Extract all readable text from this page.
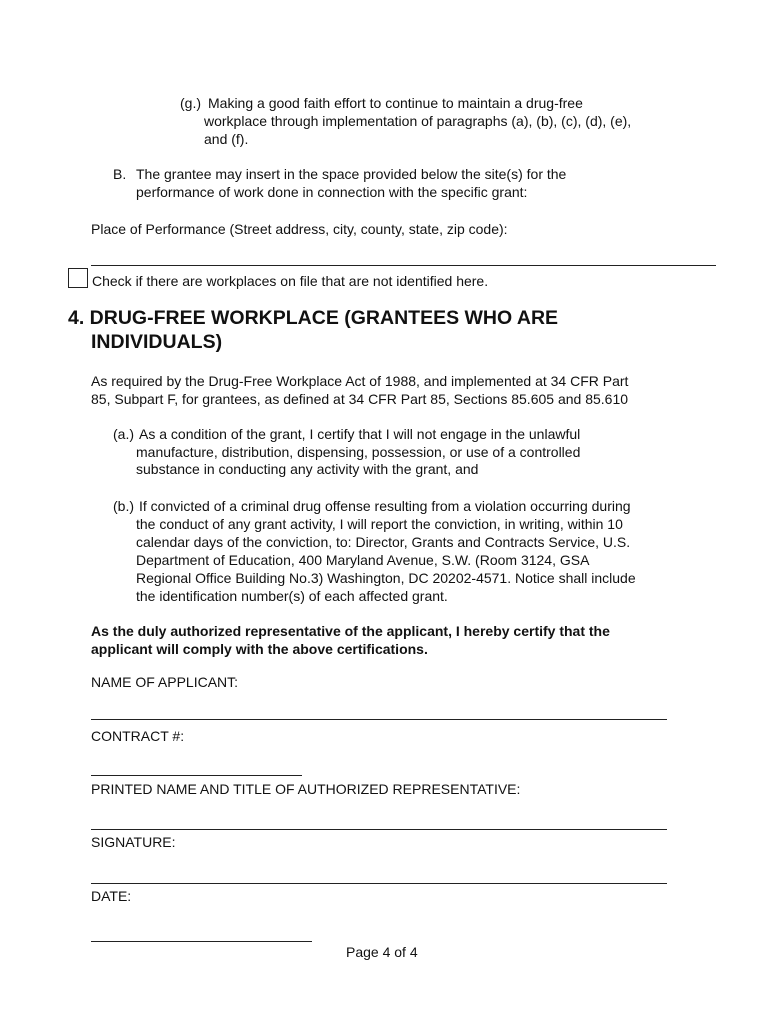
(g.) Making a good faith effort to continue to maintain a drug-free
workplace through implementation of paragraphs (a), (b), (c), (d), (e),
and (f).
B. The grantee may insert in the space provided below the site(s) for the
performance of work done in connection with the specific grant:
Place of Performance (Street address, city, county, state, zip code):
Check if there are workplaces on file that are not identified here.
4. DRUG-FREE WORKPLACE (GRANTEES WHO ARE
INDIVIDUALS)
As required by the Drug-Free Workplace Act of 1988, and implemented at 34 CFR Part
85, Subpart F, for grantees, as defined at 34 CFR Part 85, Sections 85.605 and 85.610
(a.) As a condition of the grant, I certify that I will not engage in the unlawful
manufacture, distribution, dispensing, possession, or use of a controlled
substance in conducting any activity with the grant, and
(b.) If convicted of a criminal drug offense resulting from a violation occurring during
the conduct of any grant activity, I will report the conviction, in writing, within 10
calendar days of the conviction, to: Director, Grants and Contracts Service, U.S.
Department of Education, 400 Maryland Avenue, S.W. (Room 3124, GSA
Regional Office Building No.3) Washington, DC 20202-4571. Notice shall include
the identification number(s) of each affected grant.
As the duly authorized representative of the applicant, I hereby certify that the
applicant will comply with the above certifications.
NAME OF APPLICANT:
CONTRACT #:
PRINTED NAME AND TITLE OF AUTHORIZED REPRESENTATIVE:
SIGNATURE:
DATE:
Page 4 of 4
